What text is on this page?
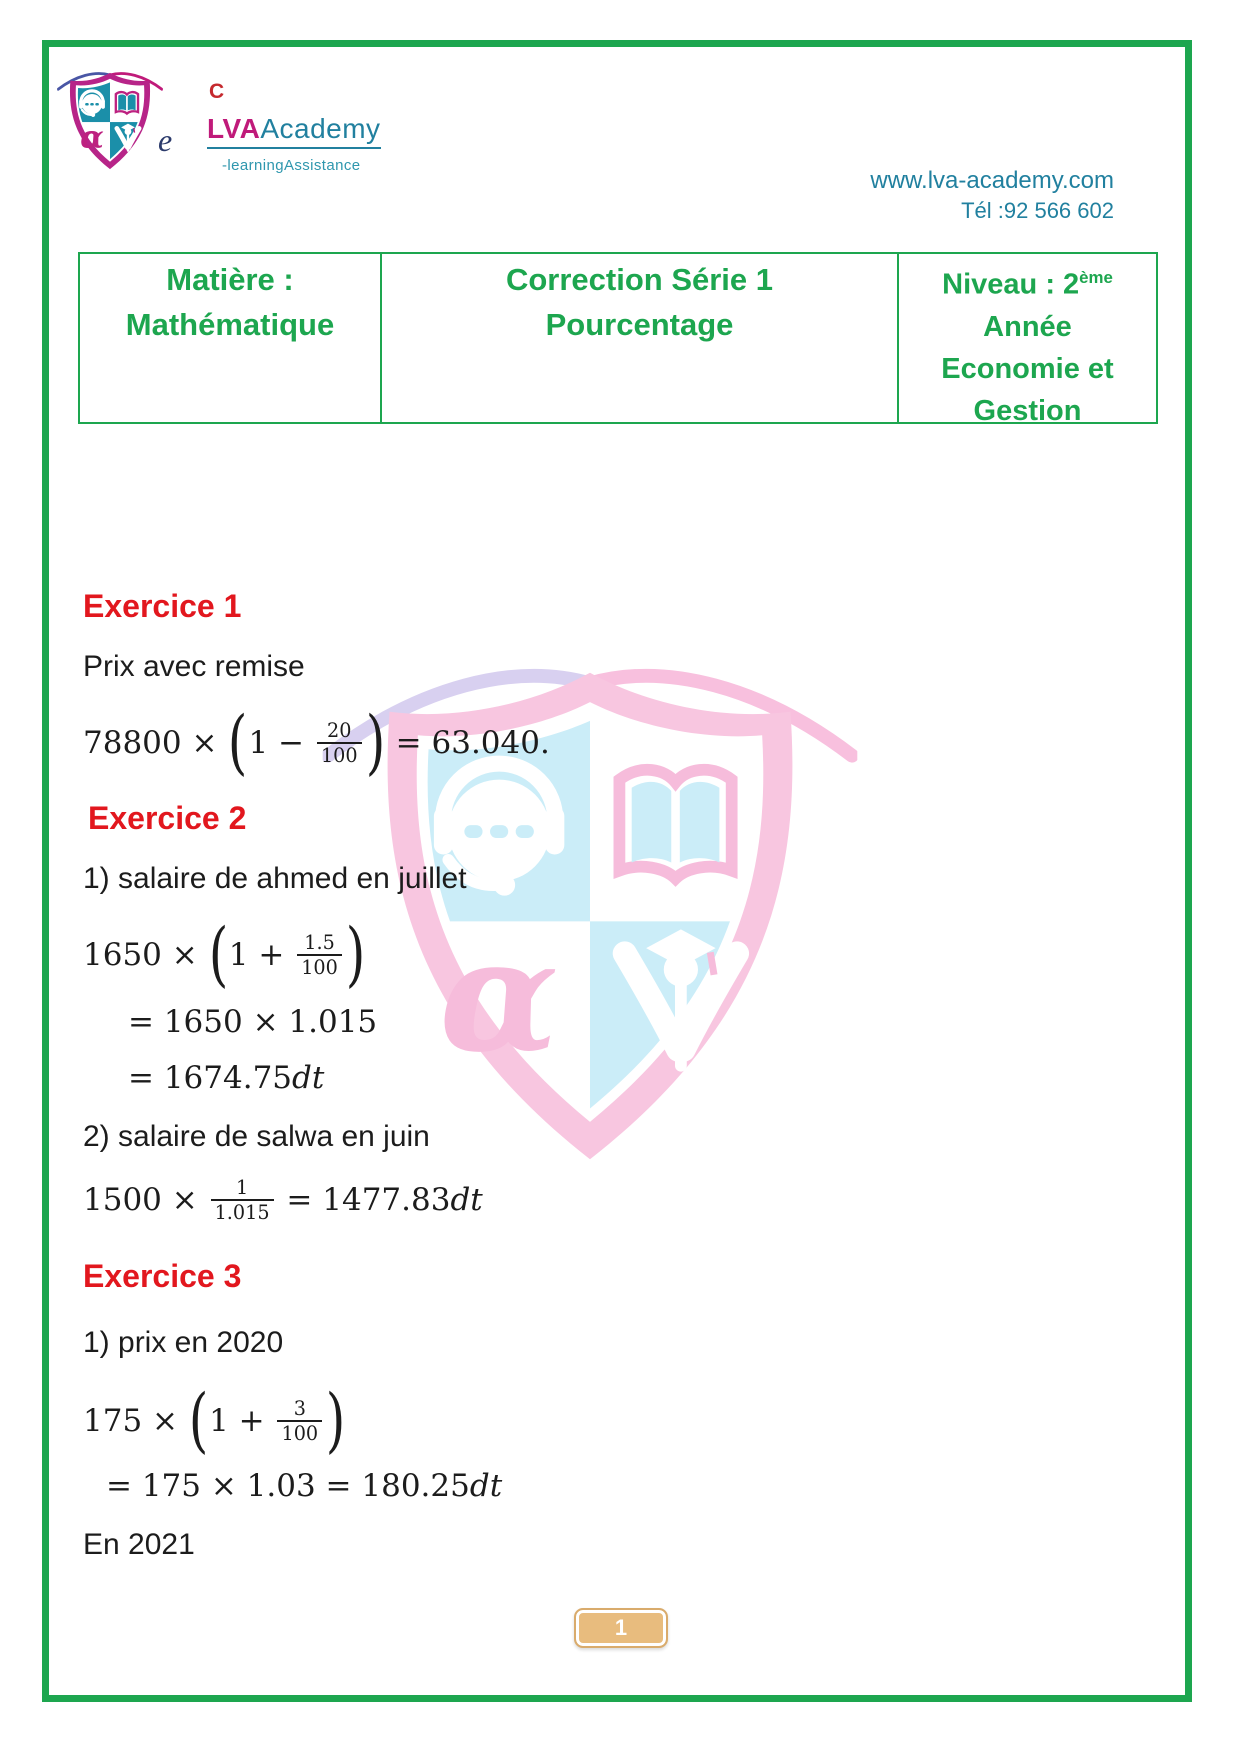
e
C
LVAAcademy
-learningAssistance
www.lva-academy.com
Tél :92 566 602
Matière :
Mathématique
Correction Série 1
Pourcentage
Niveau : 2ème
Année
Economie et
Gestion
Exercice 1
Prix avec remise
78800 × ( $1 - \frac{20}{100}$ ) = 63.040.
Exercice 2
1) salaire de ahmed en juillet
1650 × ( $1 + \frac{1.5}{100}$ )
= 1650 × 1.015
= 1674.75 dt
2) salaire de salwa en juin
$1500 \times \frac{1}{1.015} = 1477.83$ dt
Exercice 3
1) prix en 2020
175 × ( $1 + \frac{3}{100}$ )
= 175 × 1.03 = 180.25 dt
En 2021
1
